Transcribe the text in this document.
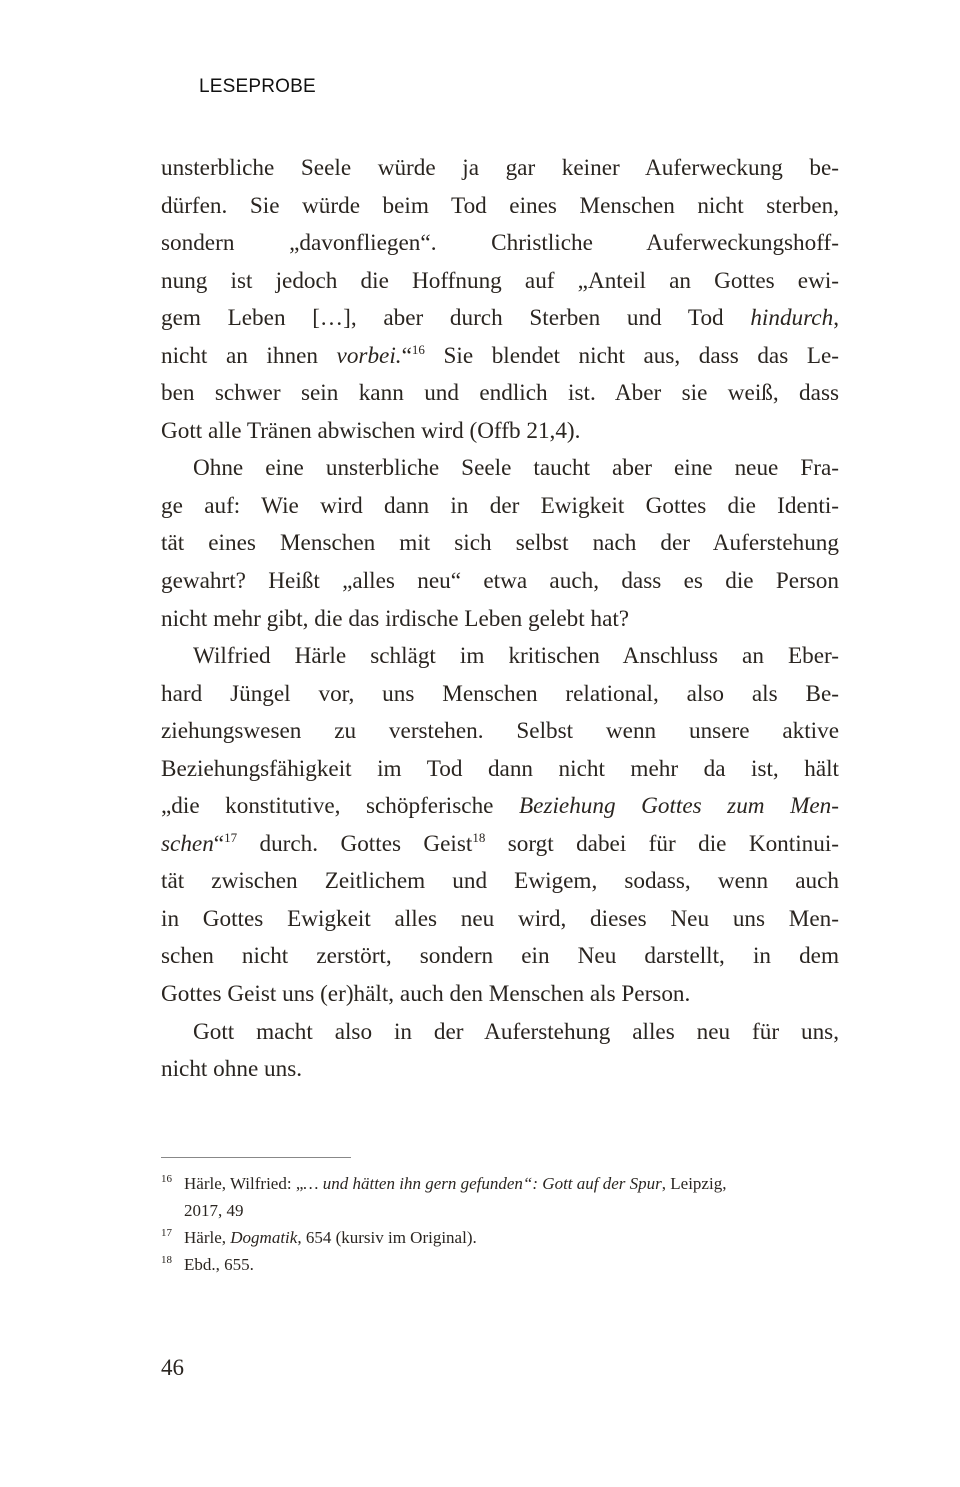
LESEPROBE
unsterbliche Seele würde ja gar keiner Auferweckung be-
dürfen. Sie würde beim Tod eines Menschen nicht sterben,
sondern „davonfliegen“. Christliche Auferweckungshoff-
nung ist jedoch die Hoffnung auf „Anteil an Gottes ewi-
gem Leben […], aber durch Sterben und Tod hindurch,
nicht an ihnen vorbei.“$^{16}$ Sie blendet nicht aus, dass das Le-
ben schwer sein kann und endlich ist. Aber sie weiß, dass
Gott alle Tränen abwischen wird (Offb 21,4).
Ohne eine unsterbliche Seele taucht aber eine neue Fra-
ge auf: Wie wird dann in der Ewigkeit Gottes die Identi-
tät eines Menschen mit sich selbst nach der Auferstehung
gewahrt? Heißt „alles neu“ etwa auch, dass es die Person
nicht mehr gibt, die das irdische Leben gelebt hat?
Wilfried Härle schlägt im kritischen Anschluss an Eber-
hard Jüngel vor, uns Menschen relational, also als Be-
ziehungswesen zu verstehen. Selbst wenn unsere aktive
Beziehungsfähigkeit im Tod dann nicht mehr da ist, hält
„die konstitutive, schöpferische Beziehung Gottes zum Men-
schen“$^{17}$ durch. Gottes Geist$^{18}$ sorgt dabei für die Kontinui-
tät zwischen Zeitlichem und Ewigem, sodass, wenn auch
in Gottes Ewigkeit alles neu wird, dieses Neu uns Men-
schen nicht zerstört, sondern ein Neu darstellt, in dem
Gottes Geist uns (er)hält, auch den Menschen als Person.
Gott macht also in der Auferstehung alles neu für uns,
nicht ohne uns.
16 Härle, Wilfried: „… und hätten ihn gern gefunden“: Gott auf der Spur, Leipzig,
2017, 49
17 Härle, Dogmatik, 654 (kursiv im Original).
18 Ebd., 655.
46
